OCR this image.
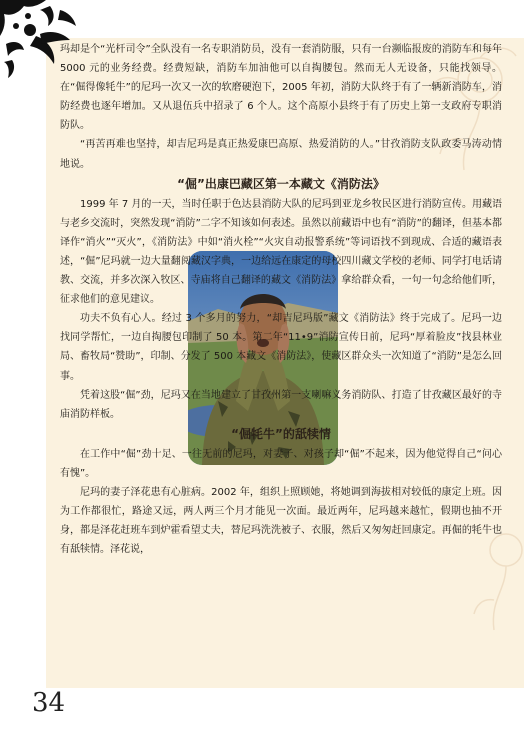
玛却是个“光杆司令”全队没有一名专职消防员，没有一套消防服，只有一台濒临报废的消防车和每年 5000 元的业务经费。经费短缺，消防车加油他可以自掏腰包。然而无人无设备，只能找领导。在“倔得像牦牛”的尼玛一次又一次的软磨硬泡下，2005 年初，消防大队终于有了一辆新消防车，消防经费也逐年增加。又从退伍兵中招录了 6 个人。这个高原小县终于有了历史上第一支政府专职消防队。

“再苦再难也坚持，却吉尼玛是真正热爱康巴高原、热爱消防的人。”甘孜消防支队政委马涛动情地说。

“倔”出康巴藏区第一本藏文《消防法》

1999 年 7 月的一天，当时任职于色达县消防大队的尼玛到亚龙乡牧民区进行消防宣传。用藏语与老乡交流时，突然发现“消防”二字不知该如何表述。虽然以前藏语中也有“消防”的翻译，但基本都译作“消火”“灭火”，《消防法》中如“消火栓”“火灾自动报警系统”等词语找不到现成、合适的藏语表述，“倔”尼玛就一边大量翻阅藏汉字典，一边给远在康定的母校四川藏文学校的老师、同学打电话请教、交流，并多次深入牧区、寺庙将自己翻译的藏文《消防法》拿给群众看，一句一句念给他们听，征求他们的意见建议。

功夫不负有心人。经过 3 个多月的努力，“却吉尼玛版”藏文《消防法》终于完成了。尼玛一边找同学帮忙，一边自掏腰包印制了 50 本。第二年“11•9”消防宣传日前，尼玛“厚着脸皮”找县林业局、畜牧局“赞助”，印制、分发了 500 本藏文《消防法》，使藏区群众头一次知道了“消防”是怎么回事。

凭着这股“倔”劲，尼玛又在当地建立了甘孜州第一支喇嘛义务消防队、打造了甘孜藏区最好的寺庙消防样板。

“倔牦牛”的舐犊情

在工作中“倔”劲十足、一往无前的尼玛，对妻子、对孩子却“倔”不起来，因为他觉得自己“问心有愧”。

尼玛的妻子泽花患有心脏病。2002 年，组织上照顾她，将她调到海拔相对较低的康定上班。因为工作都很忙，路途又远，两人两三个月才能见一次面。最近两年，尼玛越来越忙，假期也抽不开身，都是泽花赶班车到炉霍看望丈夫，替尼玛洗洗被子、衣服，然后又匆匆赶回康定。再倔的牦牛也有舐犊情。泽花说，

34
